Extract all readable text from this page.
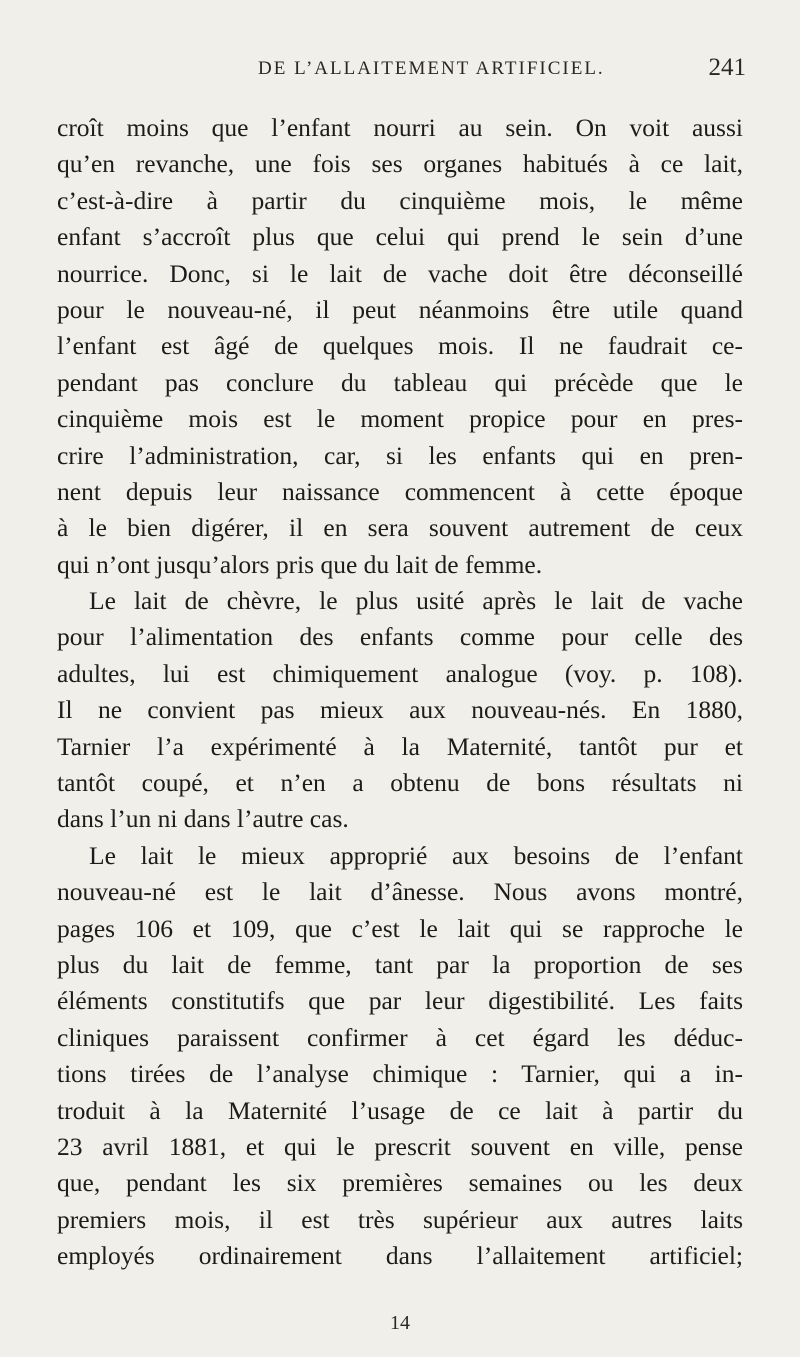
DE L’ALLAITEMENT ARTIFICIEL.	241
croît moins que l’enfant nourri au sein. On voit aussi
qu’en revanche, une fois ses organes habitués à ce lait,
c’est-à-dire à partir du cinquième mois, le même
enfant s’accroît plus que celui qui prend le sein d’une
nourrice. Donc, si le lait de vache doit être déconseillé
pour le nouveau-né, il peut néanmoins être utile quand
l’enfant est âgé de quelques mois. Il ne faudrait ce-
pendant pas conclure du tableau qui précède que le
cinquième mois est le moment propice pour en pres-
crire l’administration, car, si les enfants qui en pren-
nent depuis leur naissance commencent à cette époque
à le bien digérer, il en sera souvent autrement de ceux
qui n’ont jusqu’alors pris que du lait de femme.
Le lait de chèvre, le plus usité après le lait de vache
pour l’alimentation des enfants comme pour celle des
adultes, lui est chimiquement analogue (voy. p. 108).
Il ne convient pas mieux aux nouveau-nés. En 1880,
Tarnier l’a expérimenté à la Maternité, tantôt pur et
tantôt coupé, et n’en a obtenu de bons résultats ni
dans l’un ni dans l’autre cas.
Le lait le mieux approprié aux besoins de l’enfant
nouveau-né est le lait d’ânesse. Nous avons montré,
pages 106 et 109, que c’est le lait qui se rapproche le
plus du lait de femme, tant par la proportion de ses
éléments constitutifs que par leur digestibilité. Les faits
cliniques paraissent confirmer à cet égard les déduc-
tions tirées de l’analyse chimique : Tarnier, qui a in-
troduit à la Maternité l’usage de ce lait à partir du
23 avril 1881, et qui le prescrit souvent en ville, pense
que, pendant les six premières semaines ou les deux
premiers mois, il est très supérieur aux autres laits
employés ordinairement dans l’allaitement artificiel;
14
